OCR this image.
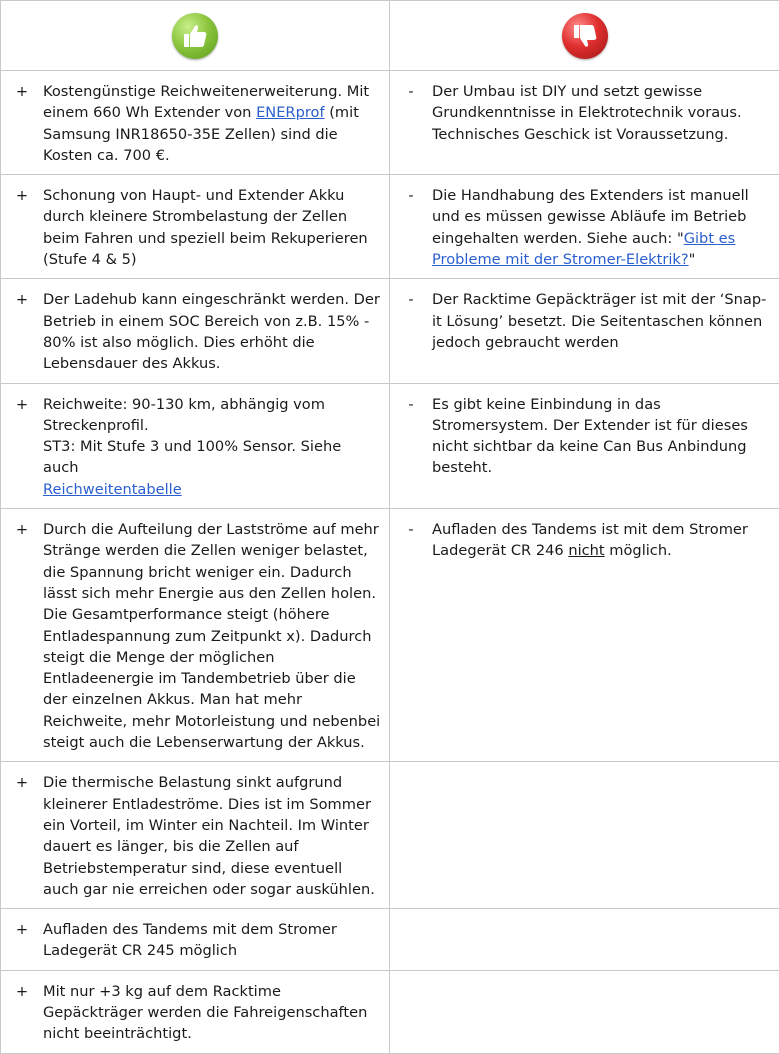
+ Kostengünstige Reichweitenerweiterung. Mit einem 660 Wh Extender von ENERprof (mit Samsung INR18650-35E Zellen) sind die Kosten ca. 700 €.	- Der Umbau ist DIY und setzt gewisse Grundkenntnisse in Elektrotechnik voraus. Technisches Geschick ist Voraussetzung.

+ Schonung von Haupt- und Extender Akku durch kleinere Strombelastung der Zellen beim Fahren und speziell beim Rekuperieren (Stufe 4 & 5)	- Die Handhabung des Extenders ist manuell und es müssen gewisse Abläufe im Betrieb eingehalten werden. Siehe auch: "Gibt es Probleme mit der Stromer-Elektrik?"

+ Der Ladehub kann eingeschränkt werden. Der Betrieb in einem SOC Bereich von z.B. 15% - 80% ist also möglich. Dies erhöht die Lebensdauer des Akkus.	- Der Racktime Gepäckträger ist mit der ‘Snap-it Lösung’ besetzt. Die Seitentaschen können jedoch gebraucht werden

+ Reichweite: 90-130 km, abhängig vom Streckenprofil.
ST3: Mit Stufe 3 und 100% Sensor. Siehe auch
Reichweitentabelle	- Es gibt keine Einbindung in das Stromersystem. Der Extender ist für dieses nicht sichtbar da keine Can Bus Anbindung besteht.

+ Durch die Aufteilung der Lastströme auf mehr Stränge werden die Zellen weniger belastet, die Spannung bricht weniger ein. Dadurch lässt sich mehr Energie aus den Zellen holen. Die Gesamtperformance steigt (höhere Entladespannung zum Zeitpunkt x). Dadurch steigt die Menge der möglichen Entladeenergie im Tandembetrieb über die der einzelnen Akkus. Man hat mehr Reichweite, mehr Motorleistung und nebenbei steigt auch die Lebenserwartung der Akkus.	- Aufladen des Tandems ist mit dem Stromer Ladegerät CR 246 nicht möglich.

+ Die thermische Belastung sinkt aufgrund kleinerer Entladeströme. Dies ist im Sommer ein Vorteil, im Winter ein Nachteil. Im Winter dauert es länger, bis die Zellen auf Betriebstemperatur sind, diese eventuell auch gar nie erreichen oder sogar auskühlen.	

+ Aufladen des Tandems mit dem Stromer Ladegerät CR 245 möglich	

+ Mit nur +3 kg auf dem Racktime Gepäckträger werden die Fahreigenschaften nicht beeinträchtigt.	
